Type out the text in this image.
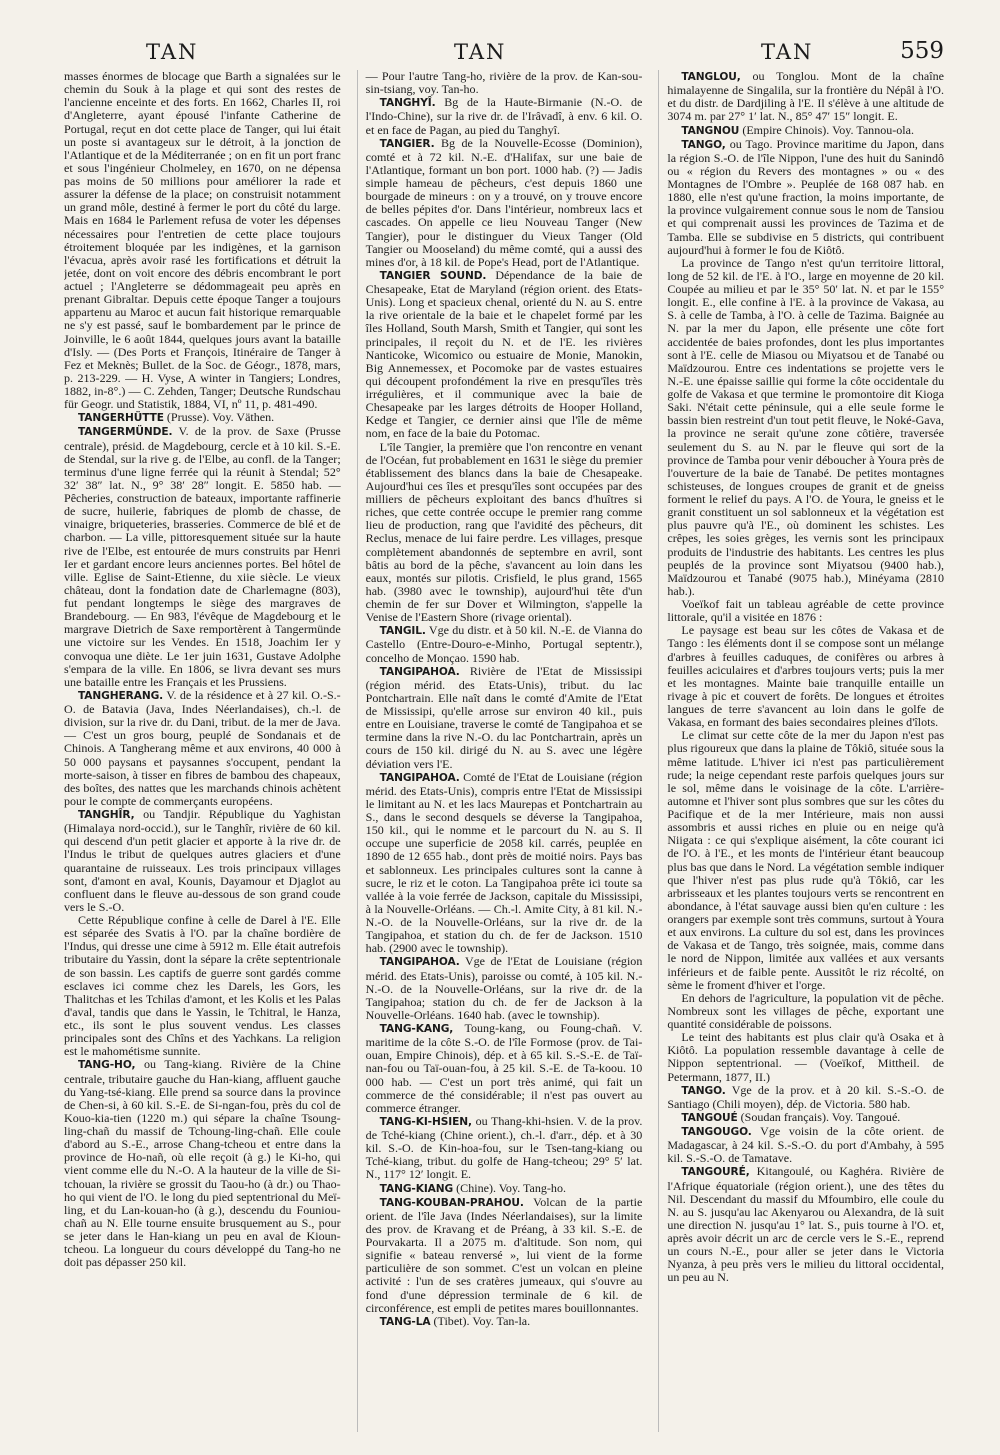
TAN	TAN	TAN	559

masses énormes de blocage que Barth a signalées sur le chemin du Souk à la plage et qui sont des restes de l'ancienne enceinte et des forts. En 1662, Charles II, roi d'Angleterre, ayant épousé l'infante Catherine de Portugal, reçut en dot cette place de Tanger, qui lui était un poste si avantageux sur le détroit, à la jonction de l'Atlantique et de la Méditerranée ; on en fit un port franc et sous l'ingénieur Cholmeley, en 1670, on ne dépensa pas moins de 50 millions pour améliorer la rade et assurer la défense de la place; on construisit notamment un grand môle, destiné à fermer le port du côté du large. Mais en 1684 le Parlement refusa de voter les dépenses nécessaires pour l'entretien de cette place toujours étroitement bloquée par les indigènes, et la garnison l'évacua, après avoir rasé les fortifications et détruit la jetée, dont on voit encore des débris encombrant le port actuel ; l'Angleterre se dédommageait peu après en prenant Gibraltar. Depuis cette époque Tanger a toujours appartenu au Maroc et aucun fait historique remarquable ne s'y est passé, sauf le bombardement par le prince de Joinville, le 6 août 1844, quelques jours avant la bataille d'Isly. — (Des Ports et François, Itinéraire de Tanger à Fez et Meknès; Bullet. de la Soc. de Géogr., 1878, mars, p. 213-229. — H. Vyse, A winter in Tangiers; Londres, 1882, in-8°.) — C. Zehden, Tanger; Deutsche Rundschau für Geogr. und Statistik, 1884, VI, nº 11, p. 481-490.

TANGERHÜTTE (Prusse). Voy. Väthen.

TANGERMÜNDE. V. de la prov. de Saxe (Prusse centrale), présid. de Magdebourg, cercle et à 10 kil. S.-E. de Stendal, sur la rive g. de l'Elbe, au confl. de la Tanger; terminus d'une ligne ferrée qui la réunit à Stendal; 52° 32′ 38″ lat. N., 9° 38′ 28″ longit. E. 5850 hab. — Pêcheries, construction de bateaux, importante raffinerie de sucre, huilerie, fabriques de plomb de chasse, de vinaigre, briqueteries, brasseries. Commerce de blé et de charbon. — La ville, pittoresquement située sur la haute rive de l'Elbe, est entourée de murs construits par Henri Ier et gardant encore leurs anciennes portes. Bel hôtel de ville. Eglise de Saint-Etienne, du xiie siècle. Le vieux château, dont la fondation date de Charlemagne (803), fut pendant longtemps le siège des margraves de Brandebourg. — En 983, l'évêque de Magdebourg et le margrave Dietrich de Saxe remportèrent à Tangermünde une victoire sur les Vendes. En 1518, Joachim Ier y convoqua une diète. Le 1er juin 1631, Gustave Adolphe s'empara de la ville. En 1806, se livra devant ses murs une bataille entre les Français et les Prussiens.

TANGHERANG. V. de la résidence et à 27 kil. O.-S.-O. de Batavia (Java, Indes Néerlandaises), ch.-l. de division, sur la rive dr. du Dani, tribut. de la mer de Java. — C'est un gros bourg, peuplé de Sondanais et de Chinois. A Tangherang même et aux environs, 40 000 à 50 000 paysans et paysannes s'occupent, pendant la morte-saison, à tisser en fibres de bambou des chapeaux, des boîtes, des nattes que les marchands chinois achètent pour le compte de commerçants européens.

TANGHÎR, ou Tandjir. République du Yaghistan (Himalaya nord-occid.), sur le Tanghîr, rivière de 60 kil. qui descend d'un petit glacier et apporte à la rive dr. de l'Indus le tribut de quelques autres glaciers et d'une quarantaine de ruisseaux. Les trois principaux villages sont, d'amont en aval, Kounis, Dayamour et Djaglot au confluent dans le fleuve au-dessous de son grand coude vers le S.-O.

Cette République confine à celle de Darel à l'E. Elle est séparée des Svatis à l'O. par la chaîne bordière de l'Indus, qui dresse une cime à 5912 m. Elle était autrefois tributaire du Yassin, dont la sépare la crête septentrionale de son bassin. Les captifs de guerre sont gardés comme esclaves ici comme chez les Darels, les Gors, les Thalitchas et les Tchilas d'amont, et les Kolis et les Palas d'aval, tandis que dans le Yassin, le Tchitral, le Hanza, etc., ils sont le plus souvent vendus. Les classes principales sont des Chîns et des Yachkans. La religion est le mahométisme sunnite.

TANG-HO, ou Tang-kiang. Rivière de la Chine centrale, tributaire gauche du Han-kiang, affluent gauche du Yang-tsé-kiang. Elle prend sa source dans la province de Chen-si, à 60 kil. S.-E. de Si-ngan-fou, près du col de Kouo-kia-tien (1220 m.) qui sépare la chaîne Tsoung-ling-chañ du massif de Tchoung-ling-chañ. Elle coule d'abord au S.-E., arrose Chang-tcheou et entre dans la province de Ho-nañ, où elle reçoit (à g.) le Ki-ho, qui vient comme elle du N.-O. A la hauteur de la ville de Si-tchouan, la rivière se grossit du Taou-ho (à dr.) ou Thao-ho qui vient de l'O. le long du pied septentrional du Meï-ling, et du Lan-kouan-ho (à g.), descendu du Founiou-chañ au N. Elle tourne ensuite brusquement au S., pour se jeter dans le Han-kiang un peu en aval de Kioun-tcheou. La longueur du cours développé du Tang-ho ne doit pas dépasser 250 kil.

— Pour l'autre Tang-ho, rivière de la prov. de Kan-sou-sin-tsiang, voy. Tan-ho.

TANGHYÎ. Bg de la Haute-Birmanie (N.-O. de l'Indo-Chine), sur la rive dr. de l'Irâvadî, à env. 6 kil. O. et en face de Pagan, au pied du Tanghyî.

TANGIER. Bg de la Nouvelle-Ecosse (Dominion), comté et à 72 kil. N.-E. d'Halifax, sur une baie de l'Atlantique, formant un bon port. 1000 hab. (?) — Jadis simple hameau de pêcheurs, c'est depuis 1860 une bourgade de mineurs : on y a trouvé, on y trouve encore de belles pépites d'or. Dans l'intérieur, nombreux lacs et cascades. On appelle ce lieu Nouveau Tanger (New Tangier), pour le distinguer du Vieux Tanger (Old Tangier ou Mooseland) du même comté, qui a aussi des mines d'or, à 18 kil. de Pope's Head, port de l'Atlantique.

TANGIER SOUND. Dépendance de la baie de Chesapeake, Etat de Maryland (région orient. des Etats-Unis). Long et spacieux chenal, orienté du N. au S. entre la rive orientale de la baie et le chapelet formé par les îles Holland, South Marsh, Smith et Tangier, qui sont les principales, il reçoit du N. et de l'E. les rivières Nanticoke, Wicomico ou estuaire de Monie, Manokin, Big Annemessex, et Pocomoke par de vastes estuaires qui découpent profondément la rive en presqu'îles très irrégulières, et il communique avec la baie de Chesapeake par les larges détroits de Hooper Holland, Kedge et Tangier, ce dernier ainsi que l'île de même nom, en face de la baie du Potomac.

L'île Tangier, la première que l'on rencontre en venant de l'Océan, fut probablement en 1631 le siège du premier établissement des blancs dans la baie de Chesapeake. Aujourd'hui ces îles et presqu'îles sont occupées par des milliers de pêcheurs exploitant des bancs d'huîtres si riches, que cette contrée occupe le premier rang comme lieu de production, rang que l'avidité des pêcheurs, dit Reclus, menace de lui faire perdre. Les villages, presque complètement abandonnés de septembre en avril, sont bâtis au bord de la pêche, s'avancent au loin dans les eaux, montés sur pilotis. Crisfield, le plus grand, 1565 hab. (3980 avec le township), aujourd'hui tête d'un chemin de fer sur Dover et Wilmington, s'appelle la Venise de l'Eastern Shore (rivage oriental).

TANGIL. Vge du distr. et à 50 kil. N.-E. de Vianna do Castello (Entre-Douro-e-Minho, Portugal septentr.), concelho de Monçao. 1590 hab.

TANGIPAHOA. Rivière de l'Etat de Mississipi (région mérid. des Etats-Unis), tribut. du lac Pontchartrain. Elle naît dans le comté d'Amite de l'Etat de Mississipi, qu'elle arrose sur environ 40 kil., puis entre en Louisiane, traverse le comté de Tangipahoa et se termine dans la rive N.-O. du lac Pontchartrain, après un cours de 150 kil. dirigé du N. au S. avec une légère déviation vers l'E.

TANGIPAHOA. Comté de l'Etat de Louisiane (région mérid. des Etats-Unis), compris entre l'Etat de Mississipi le limitant au N. et les lacs Maurepas et Pontchartrain au S., dans le second desquels se déverse la Tangipahoa, 150 kil., qui le nomme et le parcourt du N. au S. Il occupe une superficie de 2058 kil. carrés, peuplée en 1890 de 12 655 hab., dont près de moitié noirs. Pays bas et sablonneux. Les principales cultures sont la canne à sucre, le riz et le coton. La Tangipahoa prête ici toute sa vallée à la voie ferrée de Jackson, capitale du Mississipi, à la Nouvelle-Orléans. — Ch.-l. Amite City, à 81 kil. N.-N.-O. de la Nouvelle-Orléans, sur la rive dr. de la Tangipahoa, et station du ch. de fer de Jackson. 1510 hab. (2900 avec le township).

TANGIPAHOA. Vge de l'Etat de Louisiane (région mérid. des Etats-Unis), paroisse ou comté, à 105 kil. N.-N.-O. de la Nouvelle-Orléans, sur la rive dr. de la Tangipahoa; station du ch. de fer de Jackson à la Nouvelle-Orléans. 1640 hab. (avec le township).

TANG-KANG, Toung-kang, ou Foung-chañ. V. maritime de la côte S.-O. de l'île Formose (prov. de Tai-ouan, Empire Chinois), dép. et à 65 kil. S.-S.-E. de Taï-nan-fou ou Taï-ouan-fou, à 25 kil. S.-E. de Ta-koou. 10 000 hab. — C'est un port très animé, qui fait un commerce de thé considérable; il n'est pas ouvert au commerce étranger.

TANG-KI-HSIEN, ou Thang-khi-hsien. V. de la prov. de Tché-kiang (Chine orient.), ch.-l. d'arr., dép. et à 30 kil. S.-O. de Kin-hoa-fou, sur le Tsen-tang-kiang ou Tché-kiang, tribut. du golfe de Hang-tcheou; 29° 5′ lat. N., 117° 12′ longit. E.

TANG-KIANG (Chine). Voy. Tang-ho.

TANG-KOUBAN-PRAHOU. Volcan de la partie orient. de l'île Java (Indes Néerlandaises), sur la limite des prov. de Kravang et de Préang, à 33 kil. S.-E. de Pourvakarta. Il a 2075 m. d'altitude. Son nom, qui signifie « bateau renversé », lui vient de la forme particulière de son sommet. C'est un volcan en pleine activité : l'un de ses cratères jumeaux, qui s'ouvre au fond d'une dépression terminale de 6 kil. de circonférence, est empli de petites mares bouillonnantes.

TANG-LA (Tibet). Voy. Tan-la.

TANGLOU, ou Tonglou. Mont de la chaîne himalayenne de Singalila, sur la frontière du Népâl à l'O. et du distr. de Dardjiling à l'E. Il s'élève à une altitude de 3074 m. par 27° 1′ lat. N., 85° 47′ 15″ longit. E.

TANGNOU (Empire Chinois). Voy. Tannou-ola.

TANGO, ou Tago. Province maritime du Japon, dans la région S.-O. de l'île Nippon, l'une des huit du Sanindô ou « région du Revers des montagnes » ou « des Montagnes de l'Ombre ». Peuplée de 168 087 hab. en 1880, elle n'est qu'une fraction, la moins importante, de la province vulgairement connue sous le nom de Tansiou et qui comprenait aussi les provinces de Tazima et de Tamba. Elle se subdivise en 5 districts, qui contribuent aujourd'hui à former le fou de Kiôtô.

La province de Tango n'est qu'un territoire littoral, long de 52 kil. de l'E. à l'O., large en moyenne de 20 kil. Coupée au milieu et par le 35° 50′ lat. N. et par le 155° longit. E., elle confine à l'E. à la province de Vakasa, au S. à celle de Tamba, à l'O. à celle de Tazima. Baignée au N. par la mer du Japon, elle présente une côte fort accidentée de baies profondes, dont les plus importantes sont à l'E. celle de Miasou ou Miyatsou et de Tanabé ou Maïdzourou. Entre ces indentations se projette vers le N.-E. une épaisse saillie qui forme la côte occidentale du golfe de Vakasa et que termine le promontoire dit Kioga Saki. N'était cette péninsule, qui a elle seule forme le bassin bien restreint d'un tout petit fleuve, le Noké-Gava, la province ne serait qu'une zone côtière, traversée seulement du S. au N. par le fleuve qui sort de la province de Tamba pour venir déboucher à Youra près de l'ouverture de la baie de Tanabé. De petites montagnes schisteuses, de longues croupes de granit et de gneiss forment le relief du pays. A l'O. de Youra, le gneiss et le granit constituent un sol sablonneux et la végétation est plus pauvre qu'à l'E., où dominent les schistes. Les crêpes, les soies grèges, les vernis sont les principaux produits de l'industrie des habitants. Les centres les plus peuplés de la province sont Miyatsou (9400 hab.), Maïdzourou et Tanabé (9075 hab.), Minéyama (2810 hab.).

Voeïkof fait un tableau agréable de cette province littorale, qu'il a visitée en 1876 :

Le paysage est beau sur les côtes de Vakasa et de Tango : les éléments dont il se compose sont un mélange d'arbres à feuilles caduques, de conifères ou arbres à feuilles aciculaires et d'arbres toujours verts; puis la mer et les montagnes. Mainte baie tranquille entaille un rivage à pic et couvert de forêts. De longues et étroites langues de terre s'avancent au loin dans le golfe de Vakasa, en formant des baies secondaires pleines d'îlots.

Le climat sur cette côte de la mer du Japon n'est pas plus rigoureux que dans la plaine de Tôkiô, située sous la même latitude. L'hiver ici n'est pas particulièrement rude; la neige cependant reste parfois quelques jours sur le sol, même dans le voisinage de la côte. L'arrière-automne et l'hiver sont plus sombres que sur les côtes du Pacifique et de la mer Intérieure, mais non aussi assombris et aussi riches en pluie ou en neige qu'à Niigata : ce qui s'explique aisément, la côte courant ici de l'O. à l'E., et les monts de l'intérieur étant beaucoup plus bas que dans le Nord. La végétation semble indiquer que l'hiver n'est pas plus rude qu'à Tôkiô, car les arbrisseaux et les plantes toujours verts se rencontrent en abondance, à l'état sauvage aussi bien qu'en culture : les orangers par exemple sont très communs, surtout à Youra et aux environs. La culture du sol est, dans les provinces de Vakasa et de Tango, très soignée, mais, comme dans le nord de Nippon, limitée aux vallées et aux versants inférieurs et de faible pente. Aussitôt le riz récolté, on sème le froment d'hiver et l'orge.

En dehors de l'agriculture, la population vit de pêche. Nombreux sont les villages de pêche, exportant une quantité considérable de poissons.

Le teint des habitants est plus clair qu'à Osaka et à Kiôtô. La population ressemble davantage à celle de Nippon septentrional. — (Voeïkof, Mittheil. de Petermann, 1877, II.)

TANGO. Vge de la prov. et à 20 kil. S.-S.-O. de Santiago (Chili moyen), dép. de Victoria. 580 hab.

TANGOUÉ (Soudan français). Voy. Tangoué.

TANGOUGO. Vge voisin de la côte orient. de Madagascar, à 24 kil. S.-S.-O. du port d'Ambahy, à 595 kil. S.-S.-O. de Tamatave.

TANGOURÉ, Kitangoulé, ou Kaghéra. Rivière de l'Afrique équatoriale (région orient.), une des têtes du Nil. Descendant du massif du Mfoumbiro, elle coule du N. au S. jusqu'au lac Akenyarou ou Alexandra, de là suit une direction N. jusqu'au 1° lat. S., puis tourne à l'O. et, après avoir décrit un arc de cercle vers le S.-E., reprend un cours N.-E., pour aller se jeter dans le Victoria Nyanza, à peu près vers le milieu du littoral occidental, un peu au N.
